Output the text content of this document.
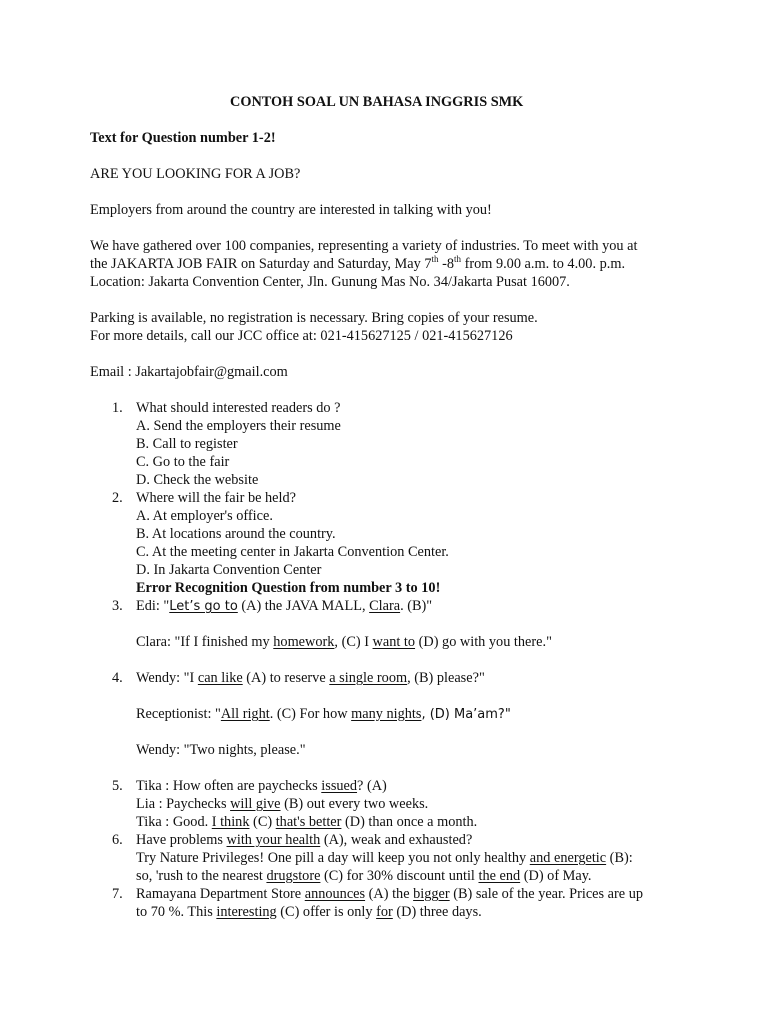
CONTOH SOAL UN BAHASA INGGRIS SMK
Text for Question number 1-2!
ARE YOU LOOKING FOR A JOB?
Employers from around the country are interested in talking with you!
We have gathered over 100 companies, representing a variety of industries. To meet with you at
the JAKARTA JOB FAIR on Saturday and Saturday, May 7th -8th from 9.00 a.m. to 4.00. p.m.
Location: Jakarta Convention Center, Jln. Gunung Mas No. 34/Jakarta Pusat 16007.
Parking is available, no registration is necessary. Bring copies of your resume.
For more details, call our JCC office at: 021-415627125 / 021-415627126
Email : Jakartajobfair@gmail.com
1. What should interested readers do ?
A. Send the employers their resume
B. Call to register
C. Go to the fair
D. Check the website
2. Where will the fair be held?
A. At employer's office.
B. At locations around the country.
C. At the meeting center in Jakarta Convention Center.
D. In Jakarta Convention Center
Error Recognition Question from number 3 to 10!
3. Edi: "Let’s go to (A) the JAVA MALL, Clara. (B)"
Clara: "If I finished my homework, (C) I want to (D) go with you there."
4. Wendy: "I can like (A) to reserve a single room, (B) please?"
Receptionist: "All right. (C) For how many nights, (D) Ma’am?"
Wendy: "Two nights, please."
5. Tika : How often are paychecks issued? (A)
Lia : Paychecks will give (B) out every two weeks.
Tika : Good. I think (C) that's better (D) than once a month.
6. Have problems with your health (A), weak and exhausted?
Try Nature Privileges! One pill a day will keep you not only healthy and energetic (B):
so, 'rush to the nearest drugstore (C) for 30% discount until the end (D) of May.
7. Ramayana Department Store announces (A) the bigger (B) sale of the year. Prices are up
to 70 %. This interesting (C) offer is only for (D) three days.
